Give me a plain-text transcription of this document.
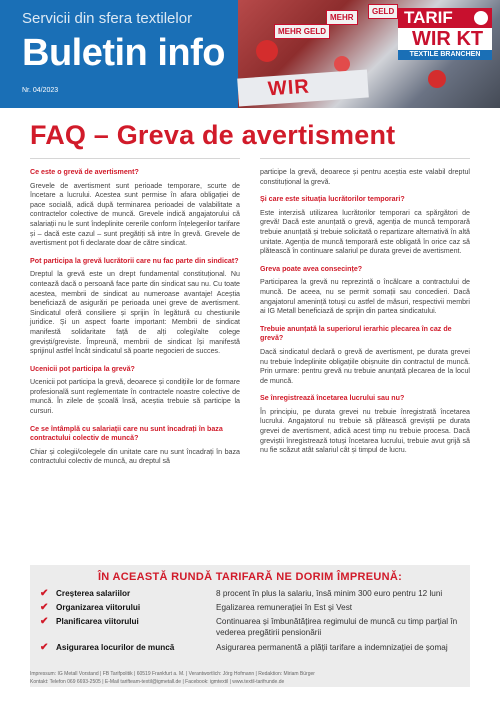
MEHR GELD
MEHR
GELD
WIR
Servicii din sfera textilelor
Buletin info
Nr. 04/2023
TARIF
WIR KT
TEXTILE BRANCHEN
FAQ – Greva de avertisment
Ce este o grevă de avertisment?
Grevele de avertisment sunt perioade temporare, scurte de încetare a lucrului. Acestea sunt permise în afara obligației de pace socială, adică după terminarea perioadei de valabilitate a contractelor colective de muncă. Grevele indică angajatorului că salariații nu le sunt îndeplinite cererile conform înțelegerilor tarifare și – dacă este cazul – sunt pregătiți să intre în grevă. Grevele de avertisment pot fi declarate doar de către sindicat.
Pot participa la grevă lucrătorii care nu fac parte din sindicat?
Dreptul la grevă este un drept fundamental constituțional. Nu contează dacă o persoană face parte din sindicat sau nu. Cu toate acestea, membrii de sindicat au numeroase avantaje! Aceștia beneficiază de asigurări pe perioada unei greve de avertisment. Sindicatul oferă consiliere și sprijin în legătură cu chestiunile juridice. Și un aspect foarte important: Membrii de sindicat manifestă solidaritate față de alți colegi/alte colege greviști/greviste. Împreună, membrii de sindicat își manifestă sprijinul astfel încât sindicatul să poarte negocieri de succes.
Ucenicii pot participa la grevă?
Ucenicii pot participa la grevă, deoarece și condițiile lor de formare profesională sunt reglementate în contractele noastre colective de muncă. În zilele de școală însă, aceștia trebuie să participe la cursuri.
Ce se întâmplă cu salariații care nu sunt încadrați în baza contractului colectiv de muncă?
Chiar și colegii/colegele din unitate care nu sunt încadrați în baza contractului colectiv de muncă, au dreptul să
participe la grevă, deoarece și pentru aceștia este valabil dreptul constituțional la grevă.
Și care este situația lucrătorilor temporari?
Este interzisă utilizarea lucrătorilor temporari ca spărgători de grevă! Dacă este anunțată o grevă, agenția de muncă temporară trebuie anunțată și trebuie solicitată o repartizare alternativă în altă unitate. Agenția de muncă temporară este obligată în orice caz să plătească în continuare salariul pe durata grevei de avertisment.
Greva poate avea consecințe?
Participarea la grevă nu reprezintă o încălcare a contractului de muncă. De aceea, nu se permit somații sau concedieri. Dacă angajatorul amenință totuși cu astfel de măsuri, respectivii membri ai IG Metall beneficiază de sprijin din partea sindicatului.
Trebuie anunțată la superiorul ierarhic plecarea în caz de grevă?
Dacă sindicatul declară o grevă de avertisment, pe durata grevei nu trebuie îndeplinite obligațiile obișnuite din contractul de muncă. Prin urmare: pentru grevă nu trebuie anunțată plecarea de la locul de muncă.
Se înregistrează încetarea lucrului sau nu?
În principiu, pe durata grevei nu trebuie înregistrată încetarea lucrului. Angajatorul nu trebuie să plătească greviștii pe durata grevei de avertisment, adică acest timp nu trebuie procesa. Dacă greviștii înregistrează totuși încetarea lucrului, trebuie avut grijă să nu fie scăzut atât salariul cât și timpul de lucru.
ÎN ACEASTĂ RUNDĂ TARIFARĂ NE DORIM ÎMPREUNĂ:
✔ Creșterea salariilor	8 procent în plus la salariu, însă minim 300 euro pentru 12 luni
✔ Organizarea viitorului	Egalizarea remunerației în Est și Vest
✔ Planificarea viitorului	Continuarea și îmbunătățirea regimului de muncă cu timp parțial în vederea pregătirii pensionării
✔ Asigurarea locurilor de muncă	Asigurarea permanentă a plății tarifare a indemnizației de șomaj
Impressum: IG Metall Vorstand | FB Tarifpolitik | 60519 Frankfurt a. M. | Verantwortlich: Jörg Hofmann | Redaktion: Miriam Bürger
Kontakt: Telefon 069 6693-2505 | E-Mail tarifteam-textil@igmetall.de | Facebook: igmtextil | www.textil-tarifrunde.de
